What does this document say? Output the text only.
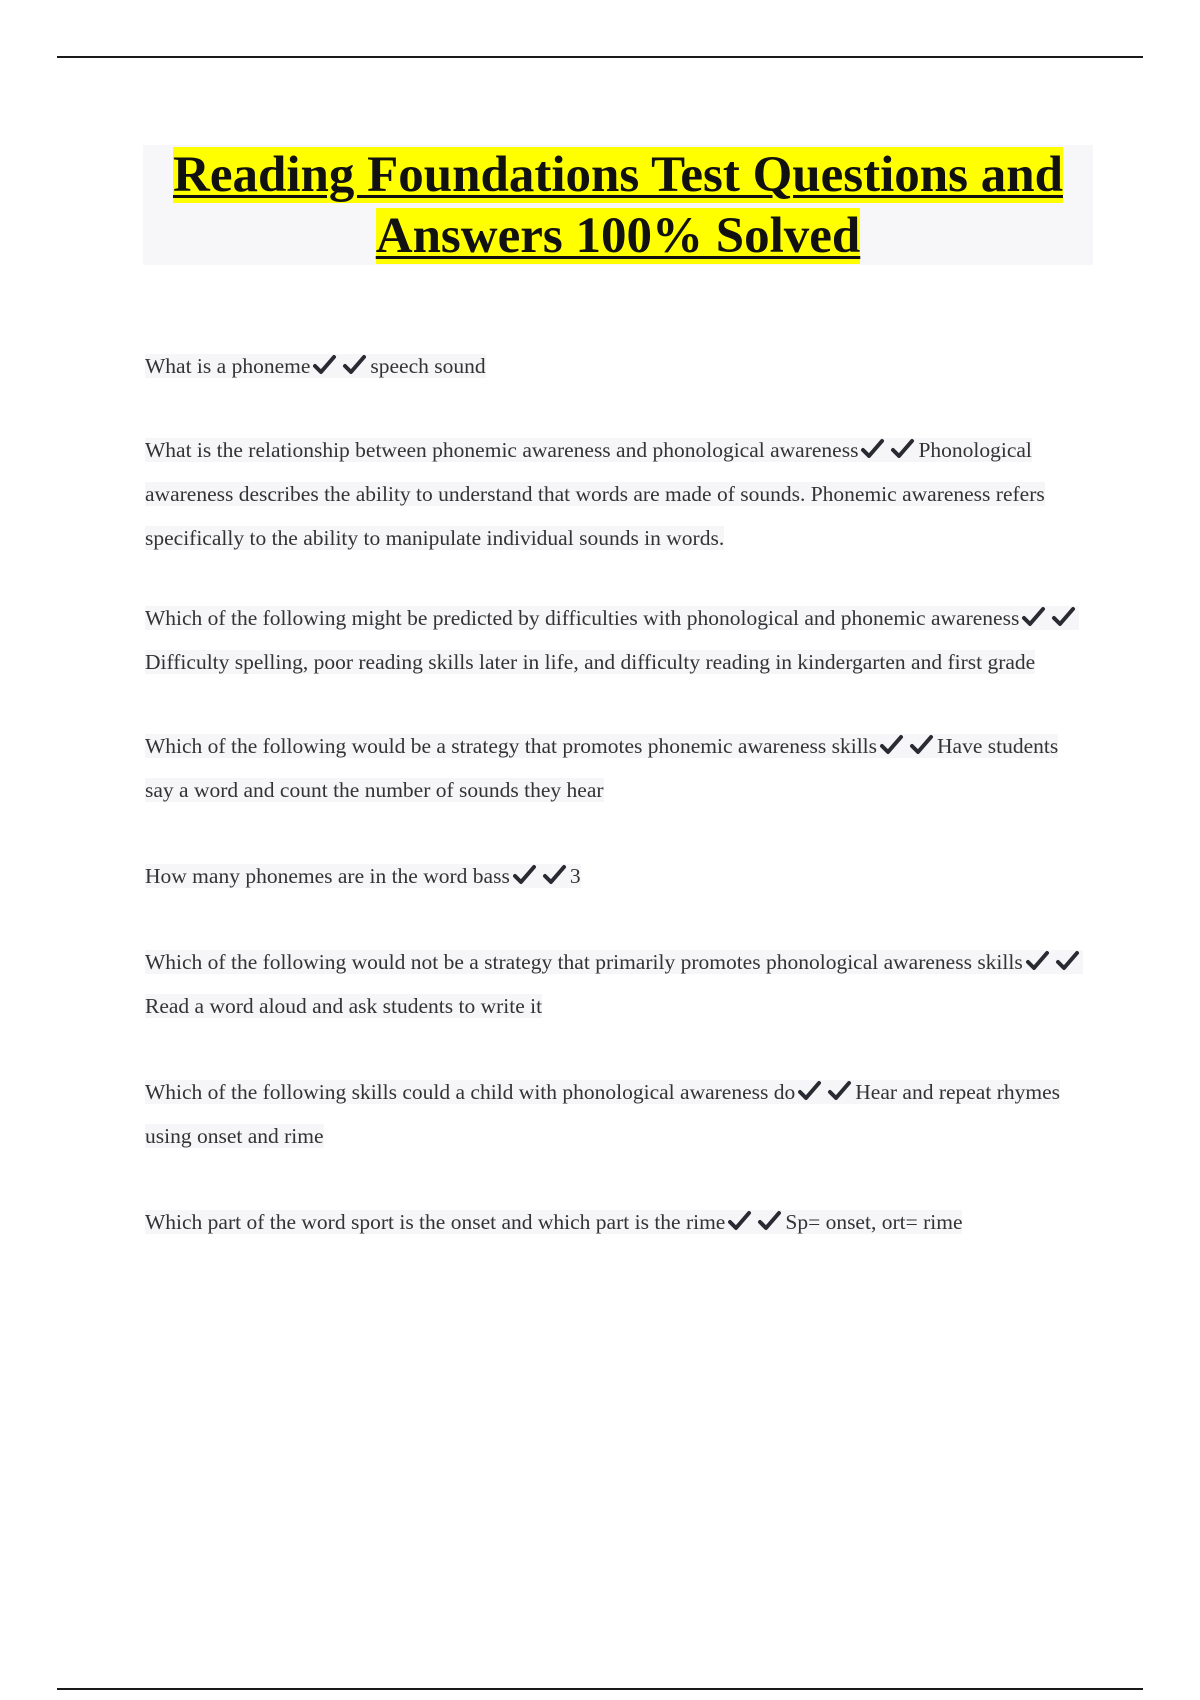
Reading Foundations Test Questions and
Answers 100% Solved

What is a phoneme	speech sound

What is the relationship between phonemic awareness and phonological awareness	Phonological awareness describes the ability to understand that words are made of sounds. Phonemic awareness refers specifically to the ability to manipulate individual sounds in words.

Which of the following might be predicted by difficulties with phonological and phonemic awareness
Difficulty spelling, poor reading skills later in life, and difficulty reading in kindergarten and first grade

Which of the following would be a strategy that promotes phonemic awareness skills	Have students say a word and count the number of sounds they hear

How many phonemes are in the word bass	3

Which of the following would not be a strategy that primarily promotes phonological awareness skills
Read a word aloud and ask students to write it

Which of the following skills could a child with phonological awareness do	Hear and repeat rhymes using onset and rime

Which part of the word sport is the onset and which part is the rime	Sp= onset, ort= rime
